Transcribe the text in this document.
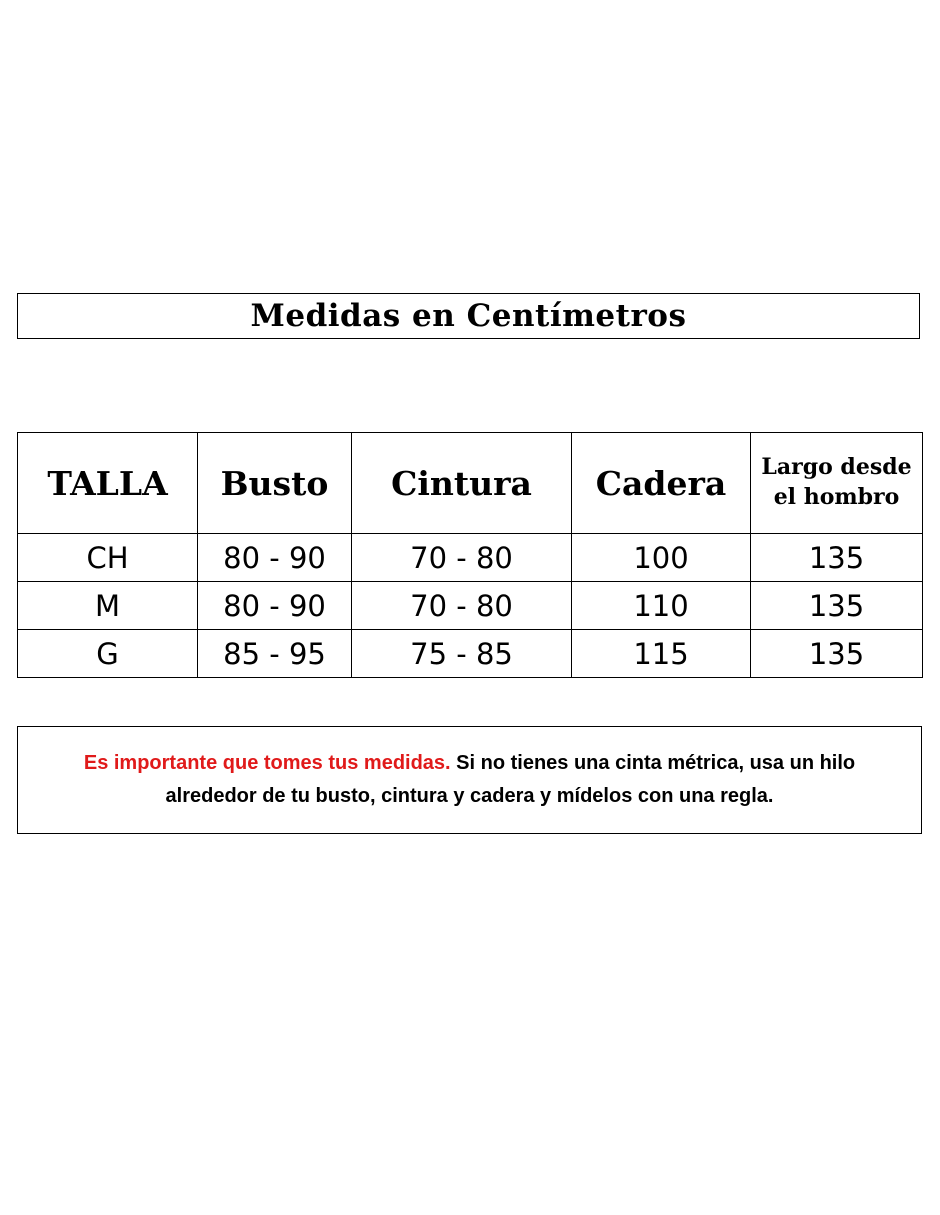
Medidas en Centímetros
TALLA	Busto	Cintura	Cadera	Largo desde el hombro
CH	80 - 90	70 - 80	100	135
M	80 - 90	70 - 80	110	135
G	85 - 95	75 - 85	115	135

Es importante que tomes tus medidas. Si no tienes una cinta métrica, usa un hilo alrededor de tu busto, cintura y cadera y mídelos con una regla.
